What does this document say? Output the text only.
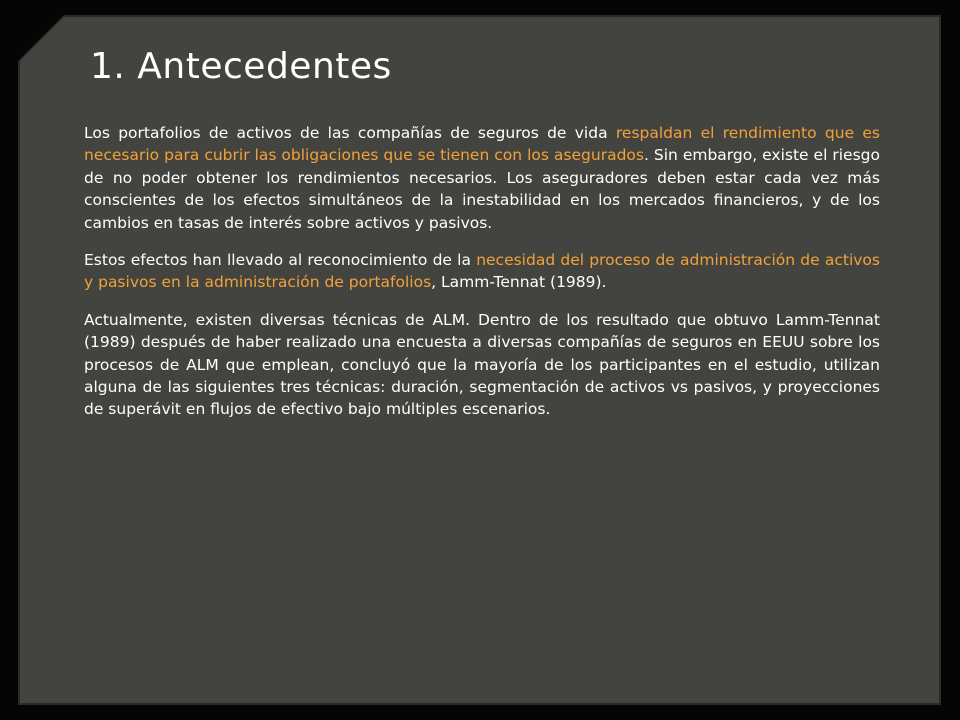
1. Antecedentes

Los portafolios de activos de las compañías de seguros de vida respaldan el rendimiento que es necesario para cubrir las obligaciones que se tienen con los asegurados. Sin embargo, existe el riesgo de no poder obtener los rendimientos necesarios. Los aseguradores deben estar cada vez más conscientes de los efectos simultáneos de la inestabilidad en los mercados financieros, y de los cambios en tasas de interés sobre activos y pasivos.

Estos efectos han llevado al reconocimiento de la necesidad del proceso de administración de activos y pasivos en la administración de portafolios, Lamm-Tennat (1989).

Actualmente, existen diversas técnicas de ALM. Dentro de los resultado que obtuvo Lamm-Tennat (1989) después de haber realizado una encuesta a diversas compañías de seguros en EEUU sobre los procesos de ALM que emplean, concluyó que la mayoría de los participantes en el estudio, utilizan alguna de las siguientes tres técnicas: duración, segmentación de activos vs pasivos, y proyecciones de superávit en flujos de efectivo bajo múltiples escenarios.
